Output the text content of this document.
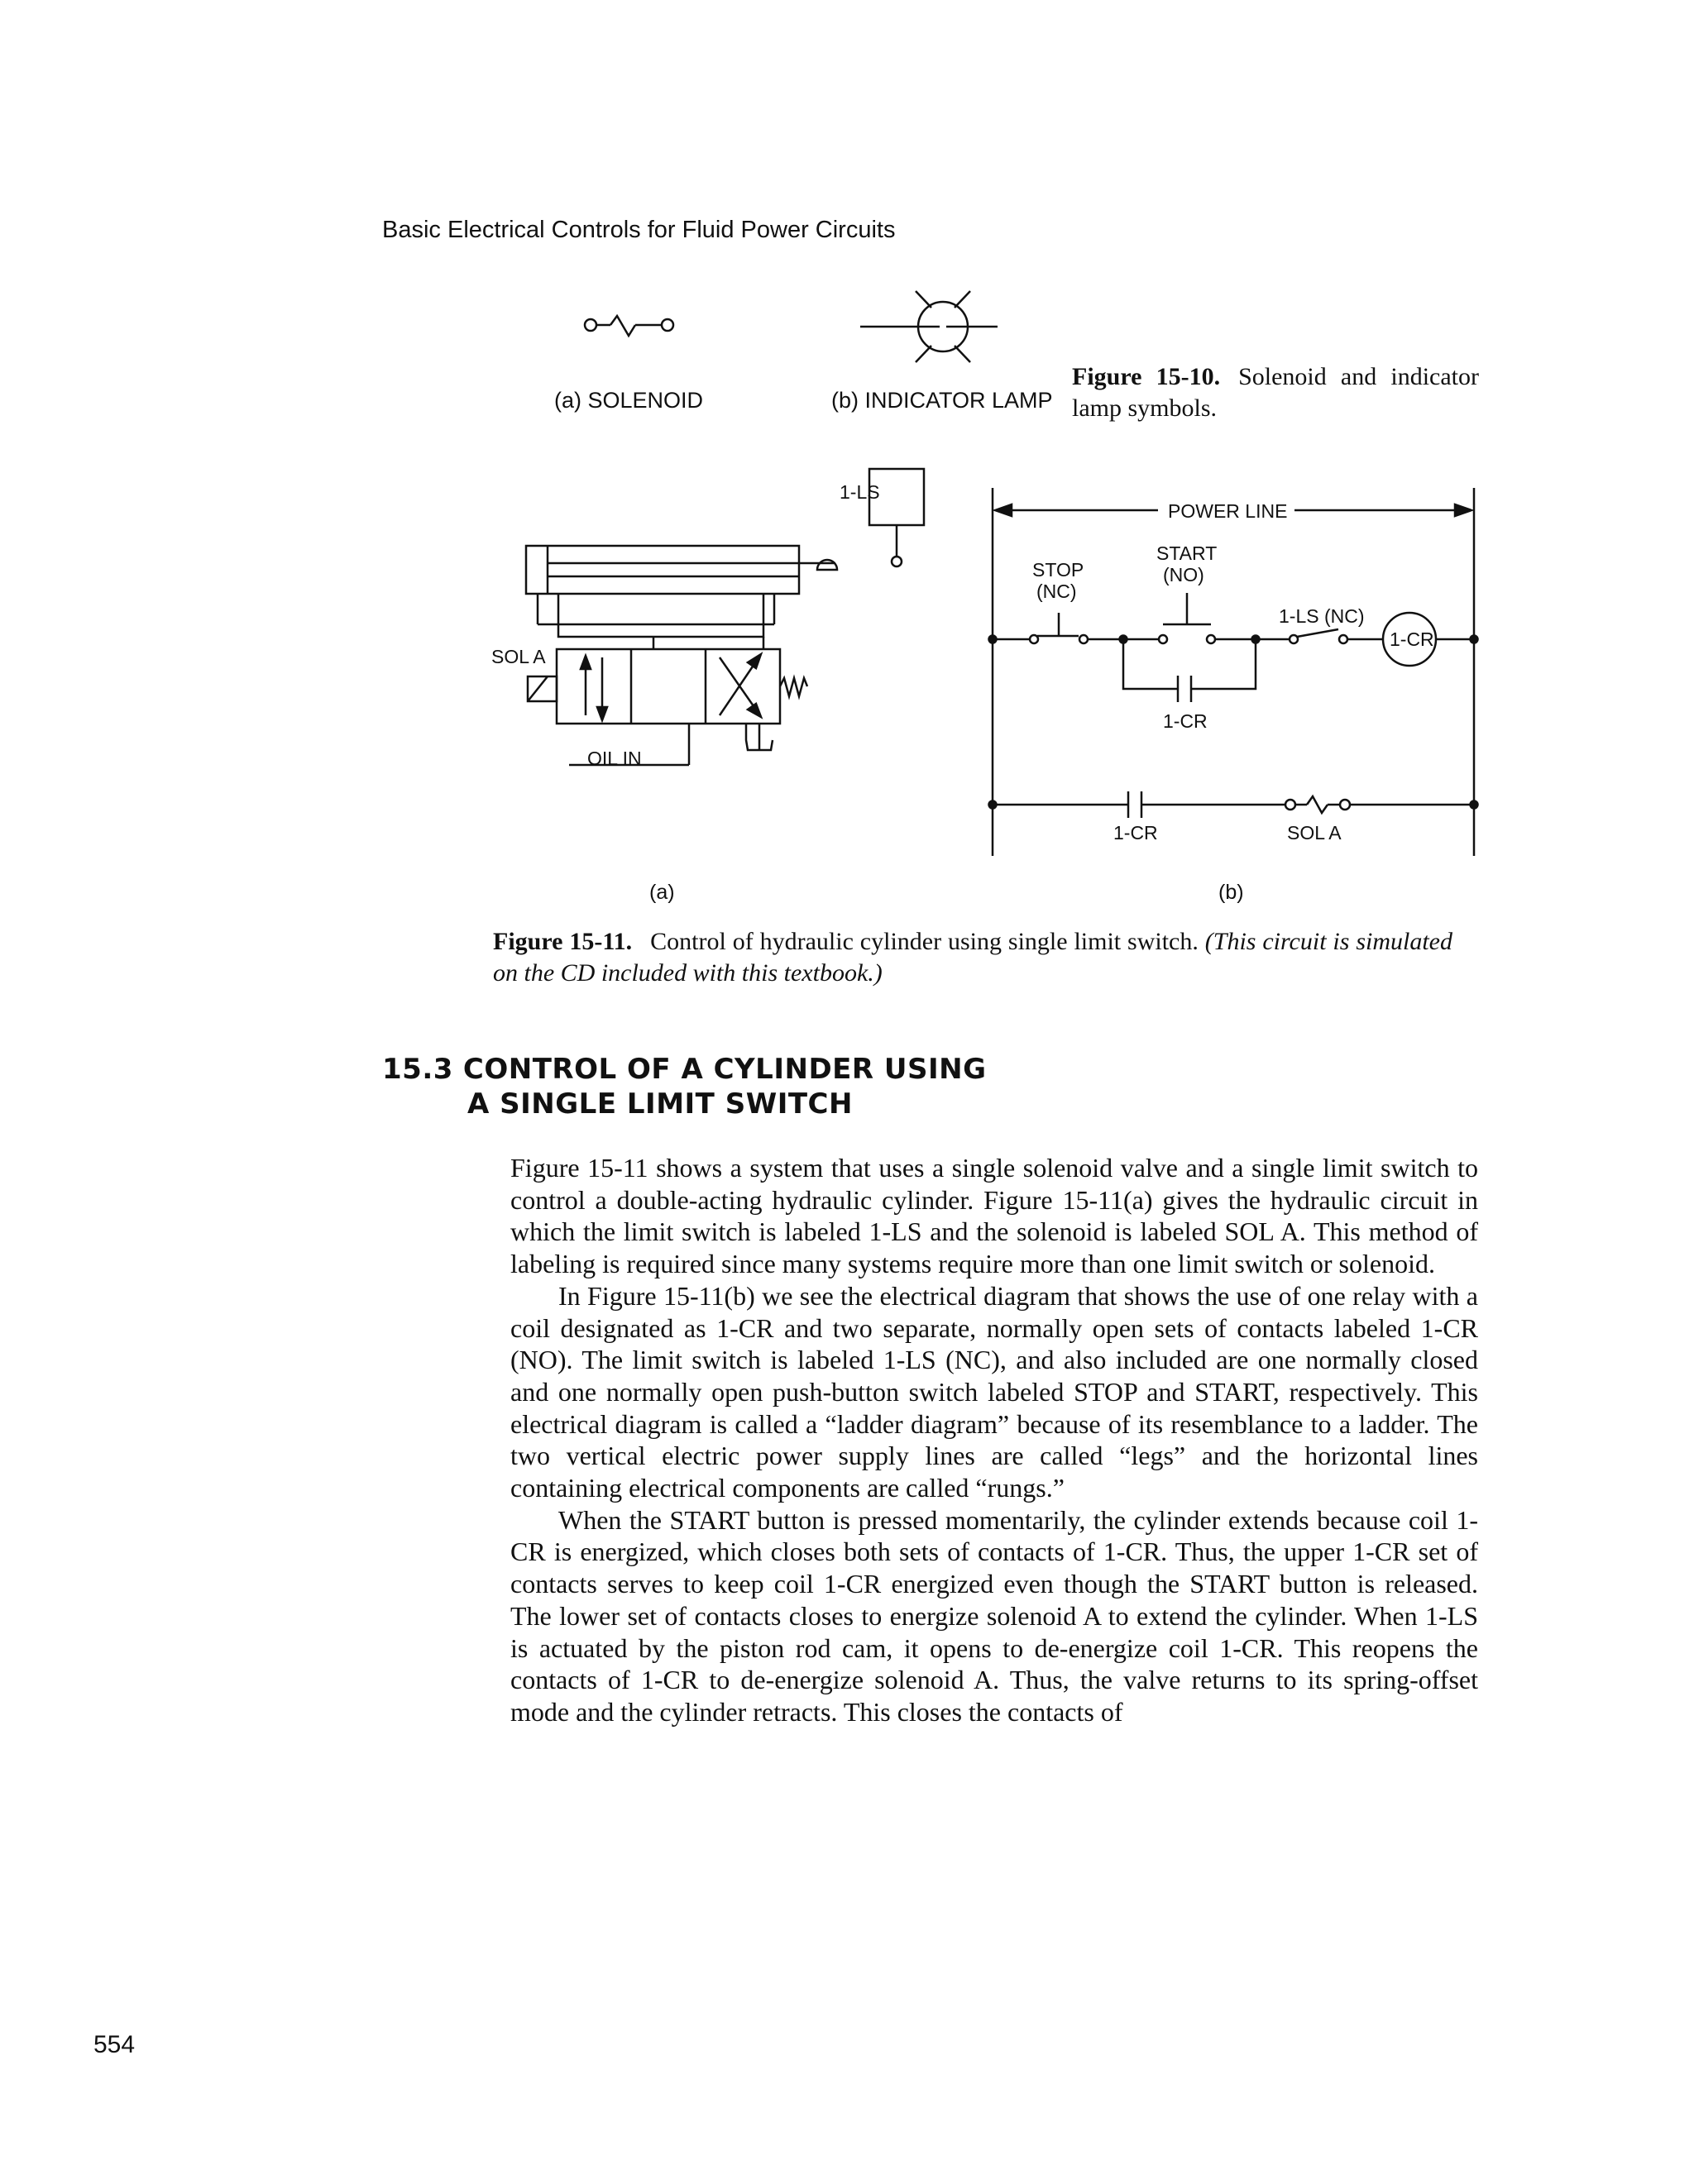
Basic Electrical Controls for Fluid Power Circuits
(a) SOLENOID	(b) INDICATOR LAMP
Figure 15-10. Solenoid and indicator lamp symbols.
1-LS
SOL A
OIL IN
(a)
POWER LINE
STOP
(NC)
START
(NO)
1-LS (NC)
1-CR
1-CR
1-CR	SOL A
(b)
Figure 15-11. Control of hydraulic cylinder using single limit switch. (This circuit is simulated on the CD included with this textbook.)
15.3 CONTROL OF A CYLINDER USING
A SINGLE LIMIT SWITCH

Figure 15-11 shows a system that uses a single solenoid valve and a single limit switch to control a double-acting hydraulic cylinder. Figure 15-11(a) gives the hydraulic circuit in which the limit switch is labeled 1-LS and the solenoid is labeled SOL A. This method of labeling is required since many systems require more than one limit switch or solenoid.

In Figure 15-11(b) we see the electrical diagram that shows the use of one relay with a coil designated as 1-CR and two separate, normally open sets of contacts labeled 1-CR (NO). The limit switch is labeled 1-LS (NC), and also included are one normally closed and one normally open push-button switch labeled STOP and START, respectively. This electrical diagram is called a “ladder diagram” because of its resemblance to a ladder. The two vertical electric power supply lines are called “legs” and the horizontal lines containing electrical components are called “rungs.”

When the START button is pressed momentarily, the cylinder extends because coil 1-CR is energized, which closes both sets of contacts of 1-CR. Thus, the upper 1-CR set of contacts serves to keep coil 1-CR energized even though the START button is released. The lower set of contacts closes to energize solenoid A to extend the cylinder. When 1-LS is actuated by the piston rod cam, it opens to de-energize coil 1-CR. This reopens the contacts of 1-CR to de-energize solenoid A. Thus, the valve returns to its spring-offset mode and the cylinder retracts. This closes the contacts of

554
